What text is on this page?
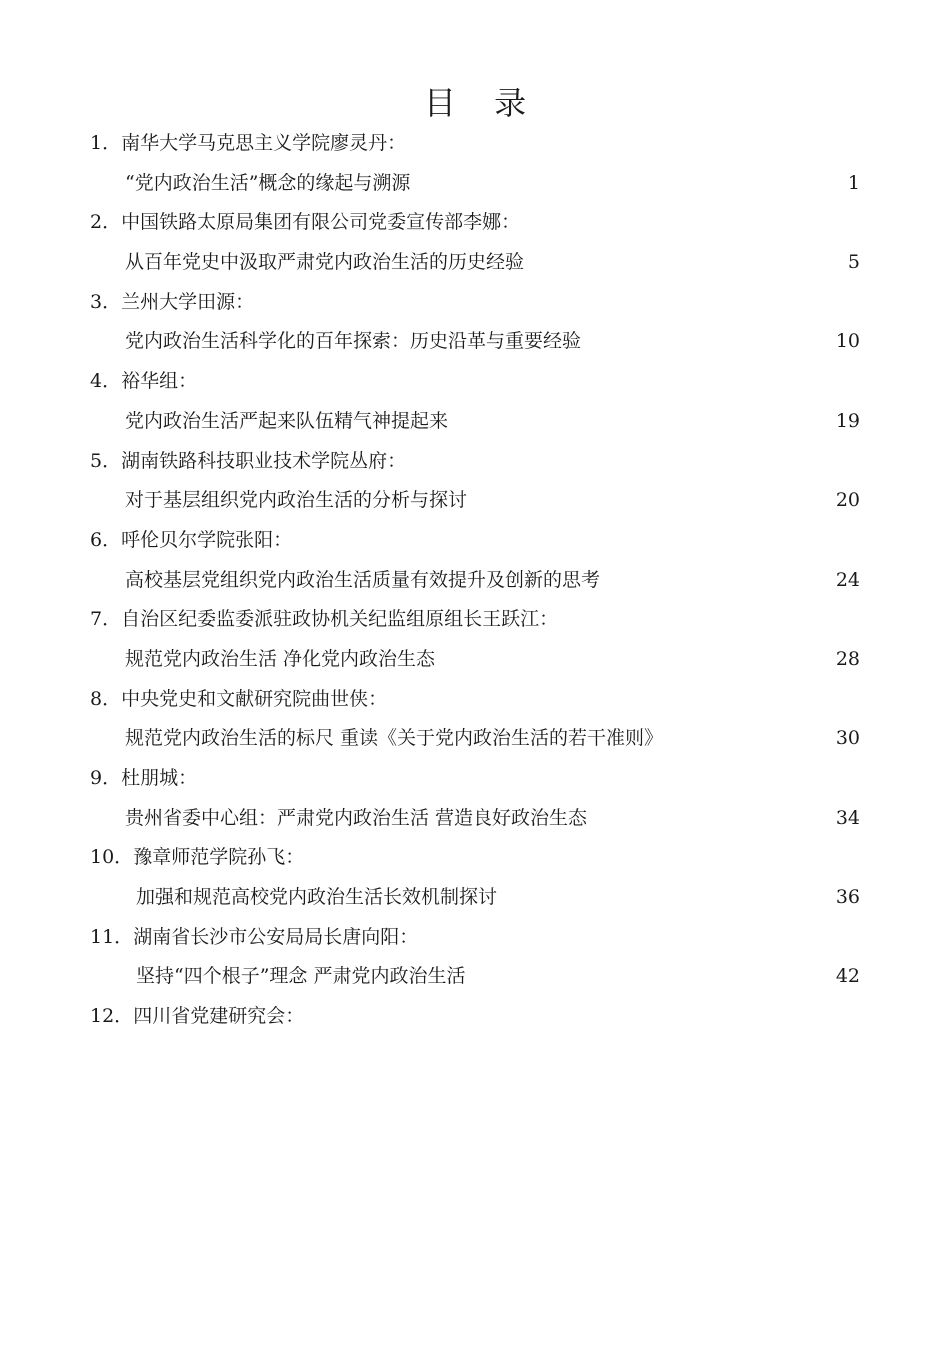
目 录
1．南华大学马克思主义学院廖灵丹：
“党内政治生活”概念的缘起与溯源	1
2．中国铁路太原局集团有限公司党委宣传部李娜：
从百年党史中汲取严肃党内政治生活的历史经验	5
3．兰州大学田源：
党内政治生活科学化的百年探索：历史沿革与重要经验	10
4．裕华组：
党内政治生活严起来队伍精气神提起来	19
5．湖南铁路科技职业技术学院丛府：
对于基层组织党内政治生活的分析与探讨	20
6．呼伦贝尔学院张阳：
高校基层党组织党内政治生活质量有效提升及创新的思考	24
7．自治区纪委监委派驻政协机关纪监组原组长王跃江：
规范党内政治生活 净化党内政治生态	28
8．中央党史和文献研究院曲世侠：
规范党内政治生活的标尺 重读《关于党内政治生活的若干准则》	30
9．杜朋城：
贵州省委中心组：严肃党内政治生活 营造良好政治生态	34
10．豫章师范学院孙飞：
加强和规范高校党内政治生活长效机制探讨	36
11．湖南省长沙市公安局局长唐向阳：
坚持“四个根子”理念 严肃党内政治生活	42
12．四川省党建研究会：
